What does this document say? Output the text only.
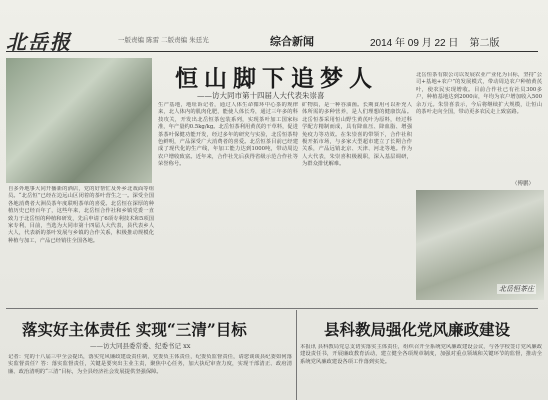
北岳报	一版责编 陈雷 二版责编 朱廷光	综合新闻	2014 年 09 月 22 日 第二版
恒山脚下追梦人
——访大同市第十四届人大代表朱崇喜
自多外地事大同开播新的酒店，党的好帮忙及外乡北戏面等组员。“北岳恒”已经在边远山区闭着的茶叶营生之一。深受全国各地消费者大洲员茶年度联明茶单的喜爱。北岳恒在深厚的种植历史已经百年了，这些年来，北岳恒合作社和乡镇党委一直致力于北岳恒的种植和研发，先后申请了6项专利技术和5项国家专利，目前，当选为大同市第十四届人大代表，县代表乡人大人，代表新的茶叶发展与乡镇的合作关系，积极推动规模化种植与加工，产品已经销往全国各地。
生产基地，地址诉记者，通过人体生命循环中心茶的规律来，北人体内的肌肉化肥，能使人体长寿，通过三年多的科技攻关，开发出北岳恒茶包装系列，实现茶叶加工国家标准，年产量约0.5kg/kg。北岳恒茶利用黄芪的干草料，促进茶茶叶保健功能开发，经过多年的研究与实验，北岳恒茶特色鲜明，产品深受广大消费者的喜爱。北岳恒茶目前已经建成了现代化的生产线，年加工能力达到1000吨，带动周边农户增收致富。近年来，合作社先后获得省级示范合作社等荣誉称号。
矿物质，是一种谷油菌。长期食用可以补充人体所需的多种营养，是人们理想的健康饮品。北岳恒茶采用恒山野生黄芪叶为原料，经过科学配方精制而成，具有降血压、降血脂、增强免疫力等功效。在朱崇喜的带领下，合作社积极开拓市场，与多家大型超市建立了长期合作关系，产品远销北京、天津、河北等地。作为人大代表，朱崇喜积极履职，深入基层调研，为群众排忧解难。
北岳恒茶有限公司以发展农业产业化为目标，坚持“公司+基地+农户”的发展模式，带动周边农户种植黄芪叶，使农民实现增收。目前合作社已有社员300多户，种植基地达到2000亩，年均为农户增加收入500余万元。朱崇喜表示，今后将继续扩大规模，让恒山的茶叶走向全国，带动更多农民走上致富路。
（傅鹏）
北岳恒茶庄
落实好主体责任 实现“三清”目标
——访大同县委常委、纪委书记 xx
记者：党的十八届三中全会提出，落实党风廉政建设责任制，党委负主体责任，纪委负监督责任，请您谈谈县纪委如何落实监督责任？答：落实监督责任，关键是要突出主业主责，聚焦中心任务，加大执纪审查力度，实现干部清正、政府清廉、政治清明的“三清”目标，为全县经济社会发展提供坚强保障。
县科教局强化党风廉政建设
本报讯 县科教局党总支切实落实主体责任，组织召开全系统党风廉政建设会议，与各学校签订党风廉政建设责任书，开展廉政教育活动，建立健全各项规章制度，加强对重点领域和关键环节的监督，推动全系统党风廉政建设各项工作落到实处。
